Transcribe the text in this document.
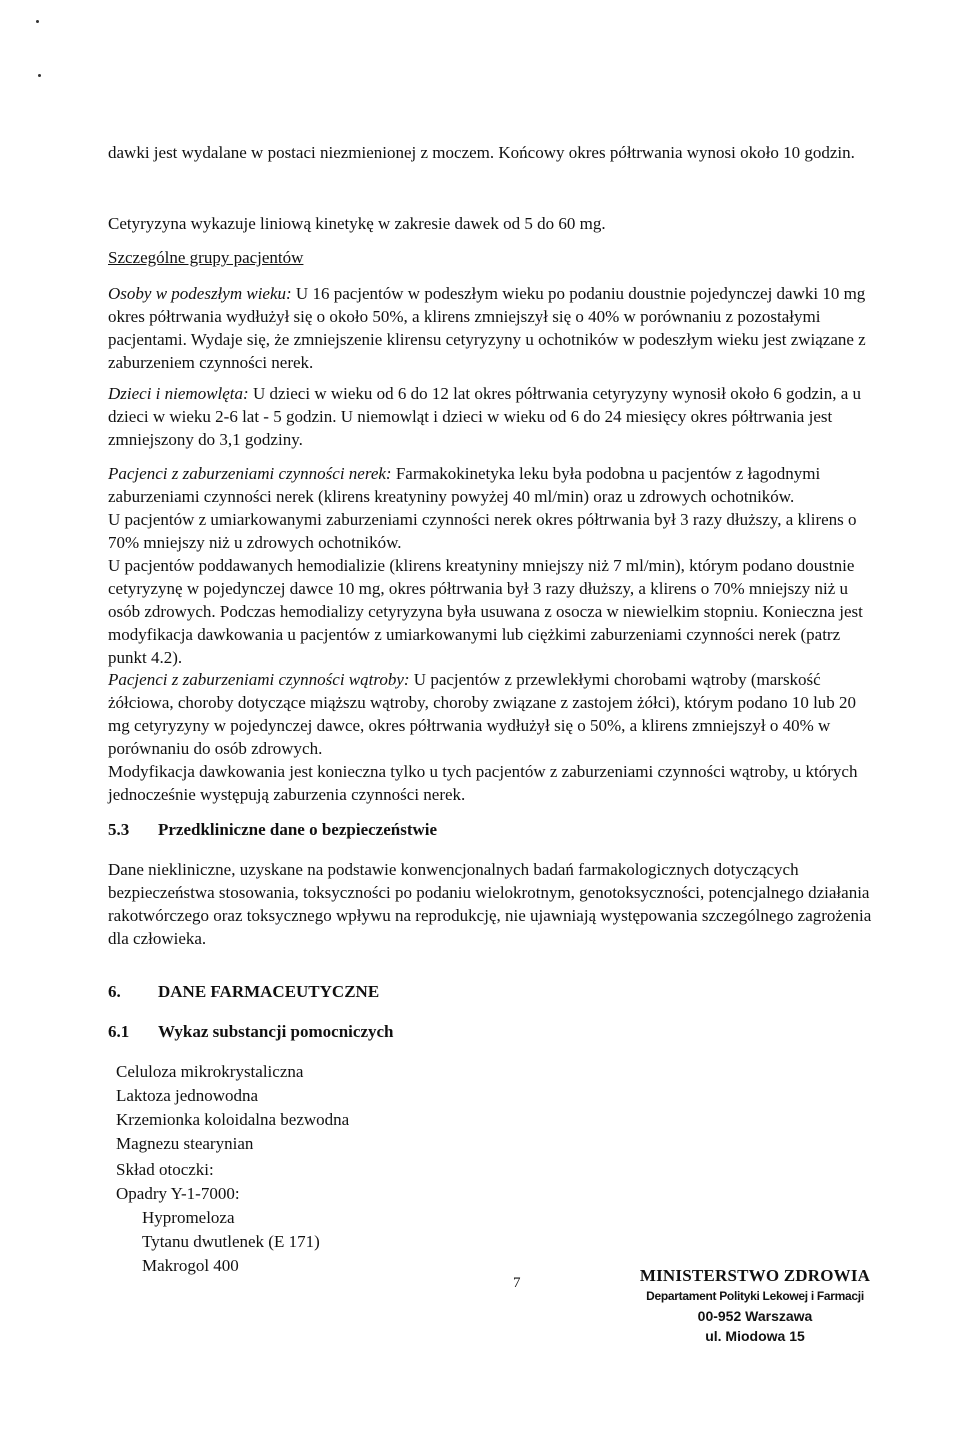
dawki jest wydalane w postaci niezmienionej z moczem. Końcowy okres półtrwania wynosi około 10 godzin.

Cetyryzyna wykazuje liniową kinetykę w zakresie dawek od 5 do 60 mg.

Szczególne grupy pacjentów

Osoby w podeszłym wieku: U 16 pacjentów w podeszłym wieku po podaniu doustnie pojedynczej dawki 10 mg okres półtrwania wydłużył się o około 50%, a klirens zmniejszył się o 40% w porównaniu z pozostałymi pacjentami. Wydaje się, że zmniejszenie klirensu cetyryzyny u ochotników w podeszłym wieku jest związane z zaburzeniem czynności nerek.

Dzieci i niemowlęta: U dzieci w wieku od 6 do 12 lat okres półtrwania cetyryzyny wynosił około 6 godzin, a u dzieci w wieku 2-6 lat - 5 godzin. U niemowląt i dzieci w wieku od 6 do 24 miesięcy okres półtrwania jest zmniejszony do 3,1 godziny.

Pacjenci z zaburzeniami czynności nerek: Farmakokinetyka leku była podobna u pacjentów z łagodnymi zaburzeniami czynności nerek (klirens kreatyniny powyżej 40 ml/min) oraz u zdrowych ochotników.
U pacjentów z umiarkowanymi zaburzeniami czynności nerek okres półtrwania był 3 razy dłuższy, a klirens o 70% mniejszy niż u zdrowych ochotników.
U pacjentów poddawanych hemodializie (klirens kreatyniny mniejszy niż 7 ml/min), którym podano doustnie cetyryzynę w pojedynczej dawce 10 mg, okres półtrwania był 3 razy dłuższy, a klirens o 70% mniejszy niż u osób zdrowych. Podczas hemodializy cetyryzyna była usuwana z osocza w niewielkim stopniu. Konieczna jest modyfikacja dawkowania u pacjentów z umiarkowanymi lub ciężkimi zaburzeniami czynności nerek (patrz punkt 4.2).

Pacjenci z zaburzeniami czynności wątroby: U pacjentów z przewlekłymi chorobami wątroby (marskość żółciowa, choroby dotyczące miąższu wątroby, choroby związane z zastojem żółci), którym podano 10 lub 20 mg cetyryzyny w pojedynczej dawce, okres półtrwania wydłużył się o 50%, a klirens zmniejszył o 40% w porównaniu do osób zdrowych.
Modyfikacja dawkowania jest konieczna tylko u tych pacjentów z zaburzeniami czynności wątroby, u których jednocześnie występują zaburzenia czynności nerek.

5.3 Przedkliniczne dane o bezpieczeństwie

Dane niekliniczne, uzyskane na podstawie konwencjonalnych badań farmakologicznych dotyczących bezpieczeństwa stosowania, toksyczności po podaniu wielokrotnym, genotoksyczności, potencjalnego działania rakotwórczego oraz toksycznego wpływu na reprodukcję, nie ujawniają występowania szczególnego zagrożenia dla człowieka.

6. DANE FARMACEUTYCZNE

6.1 Wykaz substancji pomocniczych

Celuloza mikrokrystaliczna
Laktoza jednowodna
Krzemionka koloidalna bezwodna
Magnezu stearynian
Skład otoczki:
Opadry Y-1-7000:
Hypromeloza
Tytanu dwutlenek (E 171)
Makrogol 400
7	MINISTERSTWO ZDROWIA
Departament Polityki Lekowej i Farmacji
00-952 Warszawa
ul. Miodowa 15
